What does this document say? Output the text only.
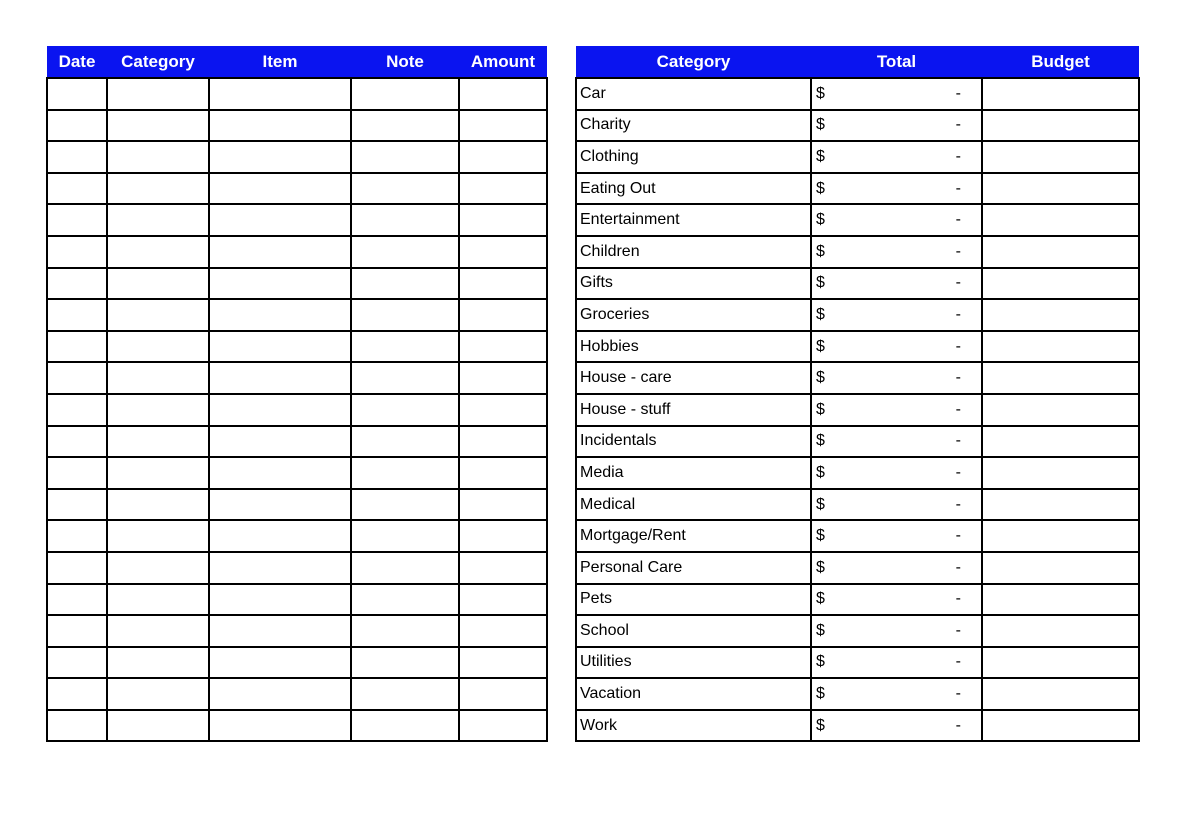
Date	Category	Item	Note	Amount

					Category	Total	Budget
Car	$ -	

Charity	$ -	

Clothing	$ -	

Eating Out	$ -	

Entertainment	$ -	

Children	$ -	

Gifts	$ -	

Groceries	$ -	

Hobbies	$ -	

House - care	$ -	

House - stuff	$ -	

Incidentals	$ -	

Media	$ -	

Medical	$ -	

Mortgage/Rent	$ -	

Personal Care	$ -	

Pets	$ -	

School	$ -	

Utilities	$ -	

Vacation	$ -	

Work	$ -	
